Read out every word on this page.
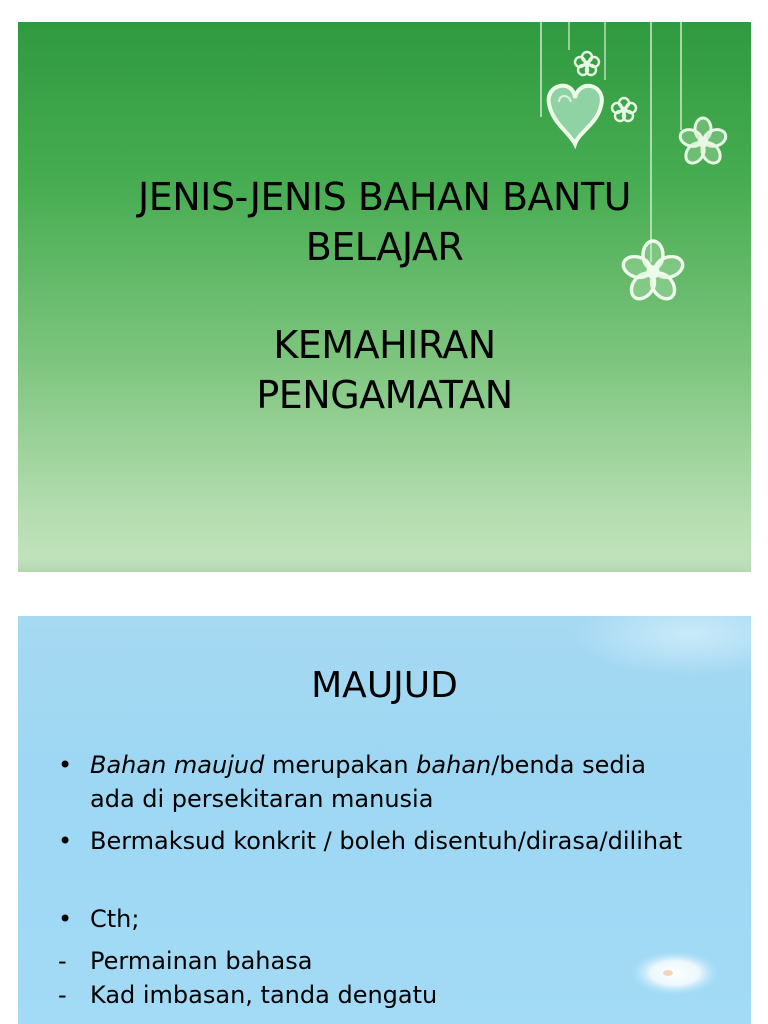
JENIS-JENIS BAHAN BANTU
BELAJAR
KEMAHIRAN
PENGAMATAN
MAUJUD
• Bahan maujud merupakan bahan/benda sedia ada di persekitaran manusia
• Bermaksud konkrit / boleh disentuh/dirasa/dilihat
• Cth;
- Permainan bahasa
- Kad imbasan, tanda dengatu
